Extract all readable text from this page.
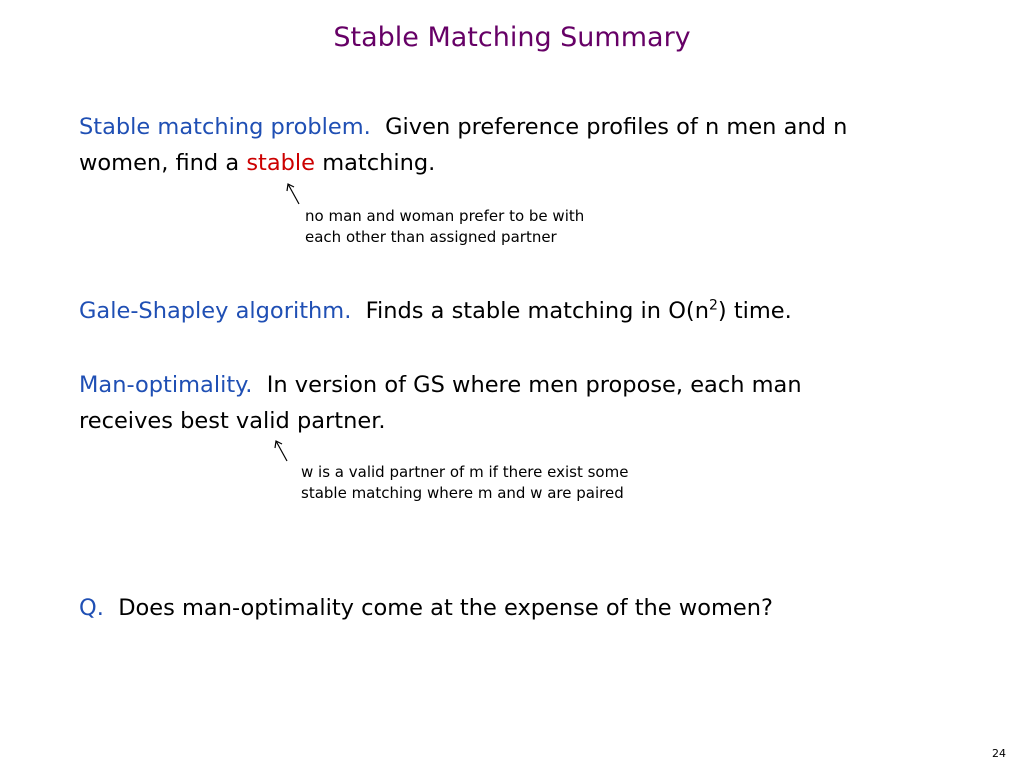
Stable Matching Summary
Stable matching problem. Given preference profiles of n men and n
women, find a stable matching.
no man and woman prefer to be with
each other than assigned partner
Gale-Shapley algorithm. Finds a stable matching in $O(n^2)$ time.
Man-optimality. In version of GS where men propose, each man
receives best valid partner.
w is a valid partner of m if there exist some
stable matching where m and w are paired
Q. Does man-optimality come at the expense of the women?
24
